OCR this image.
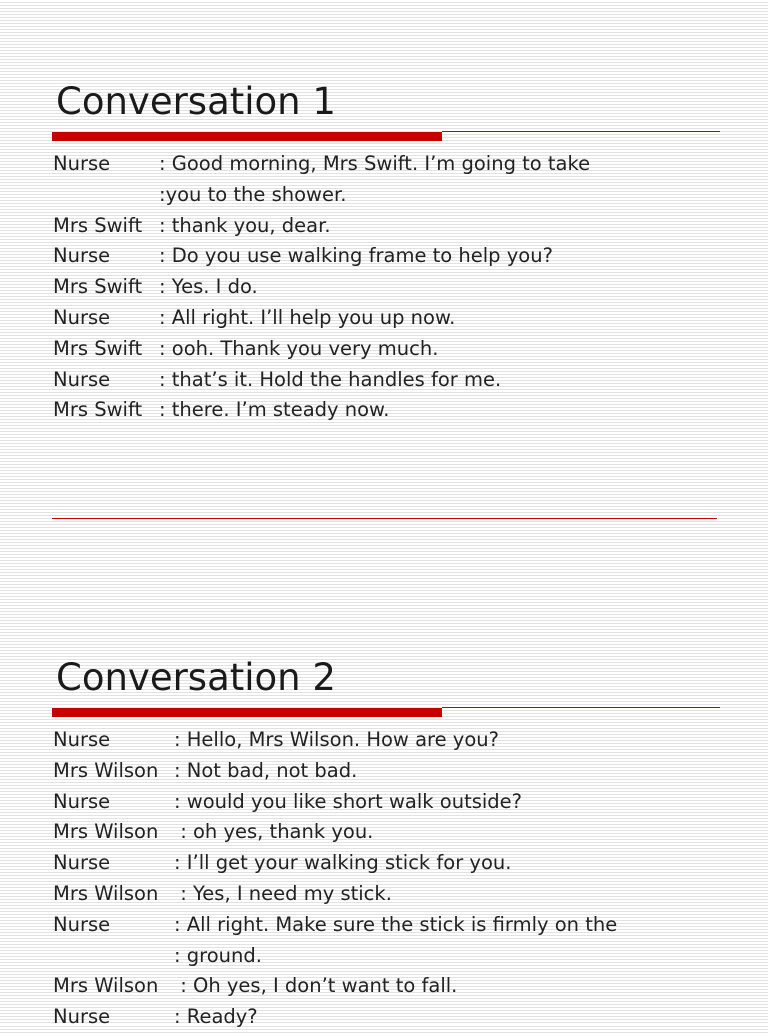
Conversation 1
Nurse	: Good morning, Mrs Swift. I’m going to take
:you to the shower.
Mrs Swift : thank you, dear.
Nurse	: Do you use walking frame to help you?
Mrs Swift : Yes. I do.
Nurse	: All right. I’ll help you up now.
Mrs Swift : ooh. Thank you very much.
Nurse	: that’s it. Hold the handles for me.
Mrs Swift : there. I’m steady now.
Conversation 2
Nurse	: Hello, Mrs Wilson. How are you?
Mrs Wilson : Not bad, not bad.
Nurse	: would you like short walk outside?
Mrs Wilson : oh yes, thank you.
Nurse	: I’ll get your walking stick for you.
Mrs Wilson : Yes, I need my stick.
Nurse	: All right. Make sure the stick is firmly on the
: ground.
Mrs Wilson : Oh yes, I don’t want to fall.
Nurse	: Ready?
